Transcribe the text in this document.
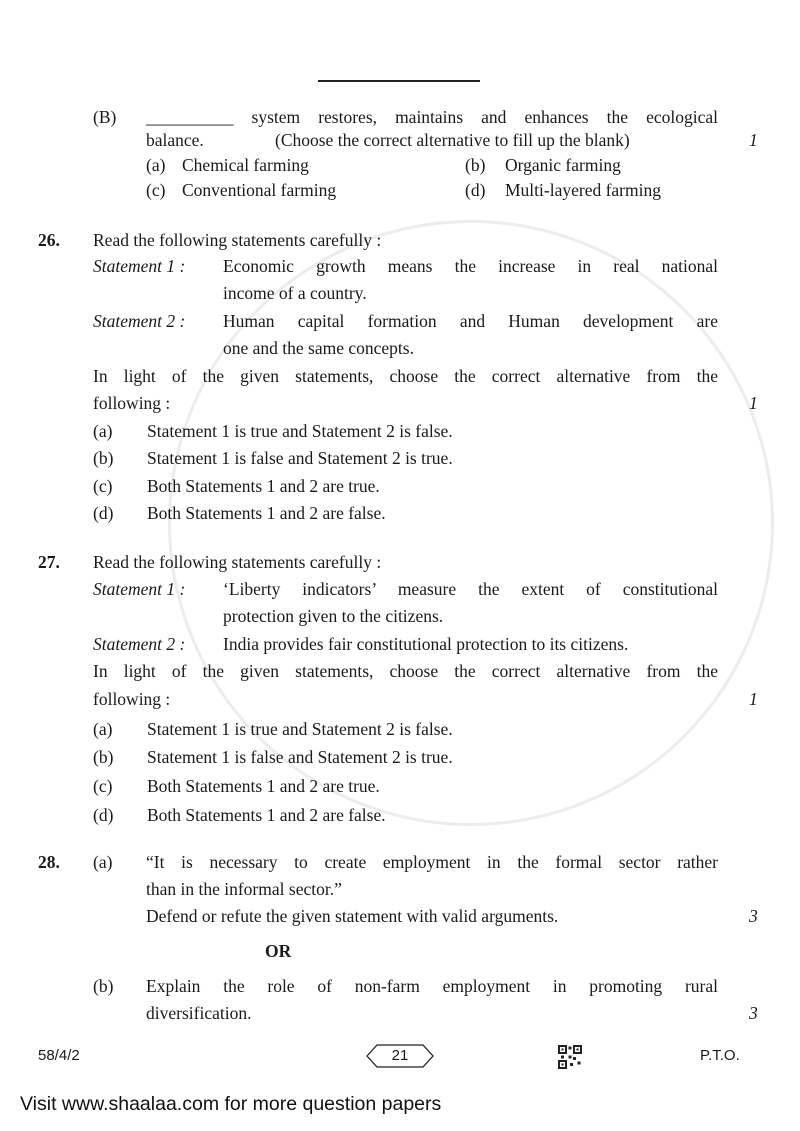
(B) __________ system restores, maintains and enhances the ecological
balance.	(Choose the correct alternative to fill up the blank)	1
(a) Chemical farming	(b) Organic farming
(c) Conventional farming	(d) Multi-layered farming
26. Read the following statements carefully :
Statement 1 : Economic growth means the increase in real national
income of a country.
Statement 2 : Human capital formation and Human development are
one and the same concepts.
In light of the given statements, choose the correct alternative from the
following :	1
(a) Statement 1 is true and Statement 2 is false.
(b) Statement 1 is false and Statement 2 is true.
(c) Both Statements 1 and 2 are true.
(d) Both Statements 1 and 2 are false.
27. Read the following statements carefully :
Statement 1 : ‘Liberty indicators’ measure the extent of constitutional
protection given to the citizens.
Statement 2 : India provides fair constitutional protection to its citizens.
In light of the given statements, choose the correct alternative from the
following :	1
(a) Statement 1 is true and Statement 2 is false.
(b) Statement 1 is false and Statement 2 is true.
(c) Both Statements 1 and 2 are true.
(d) Both Statements 1 and 2 are false.
28. (a) “It is necessary to create employment in the formal sector rather
than in the informal sector.”
Defend or refute the given statement with valid arguments.	3
OR
(b) Explain the role of non-farm employment in promoting rural
diversification.	3
58/4/2	21	P.T.O.
Visit www.shaalaa.com for more question papers
